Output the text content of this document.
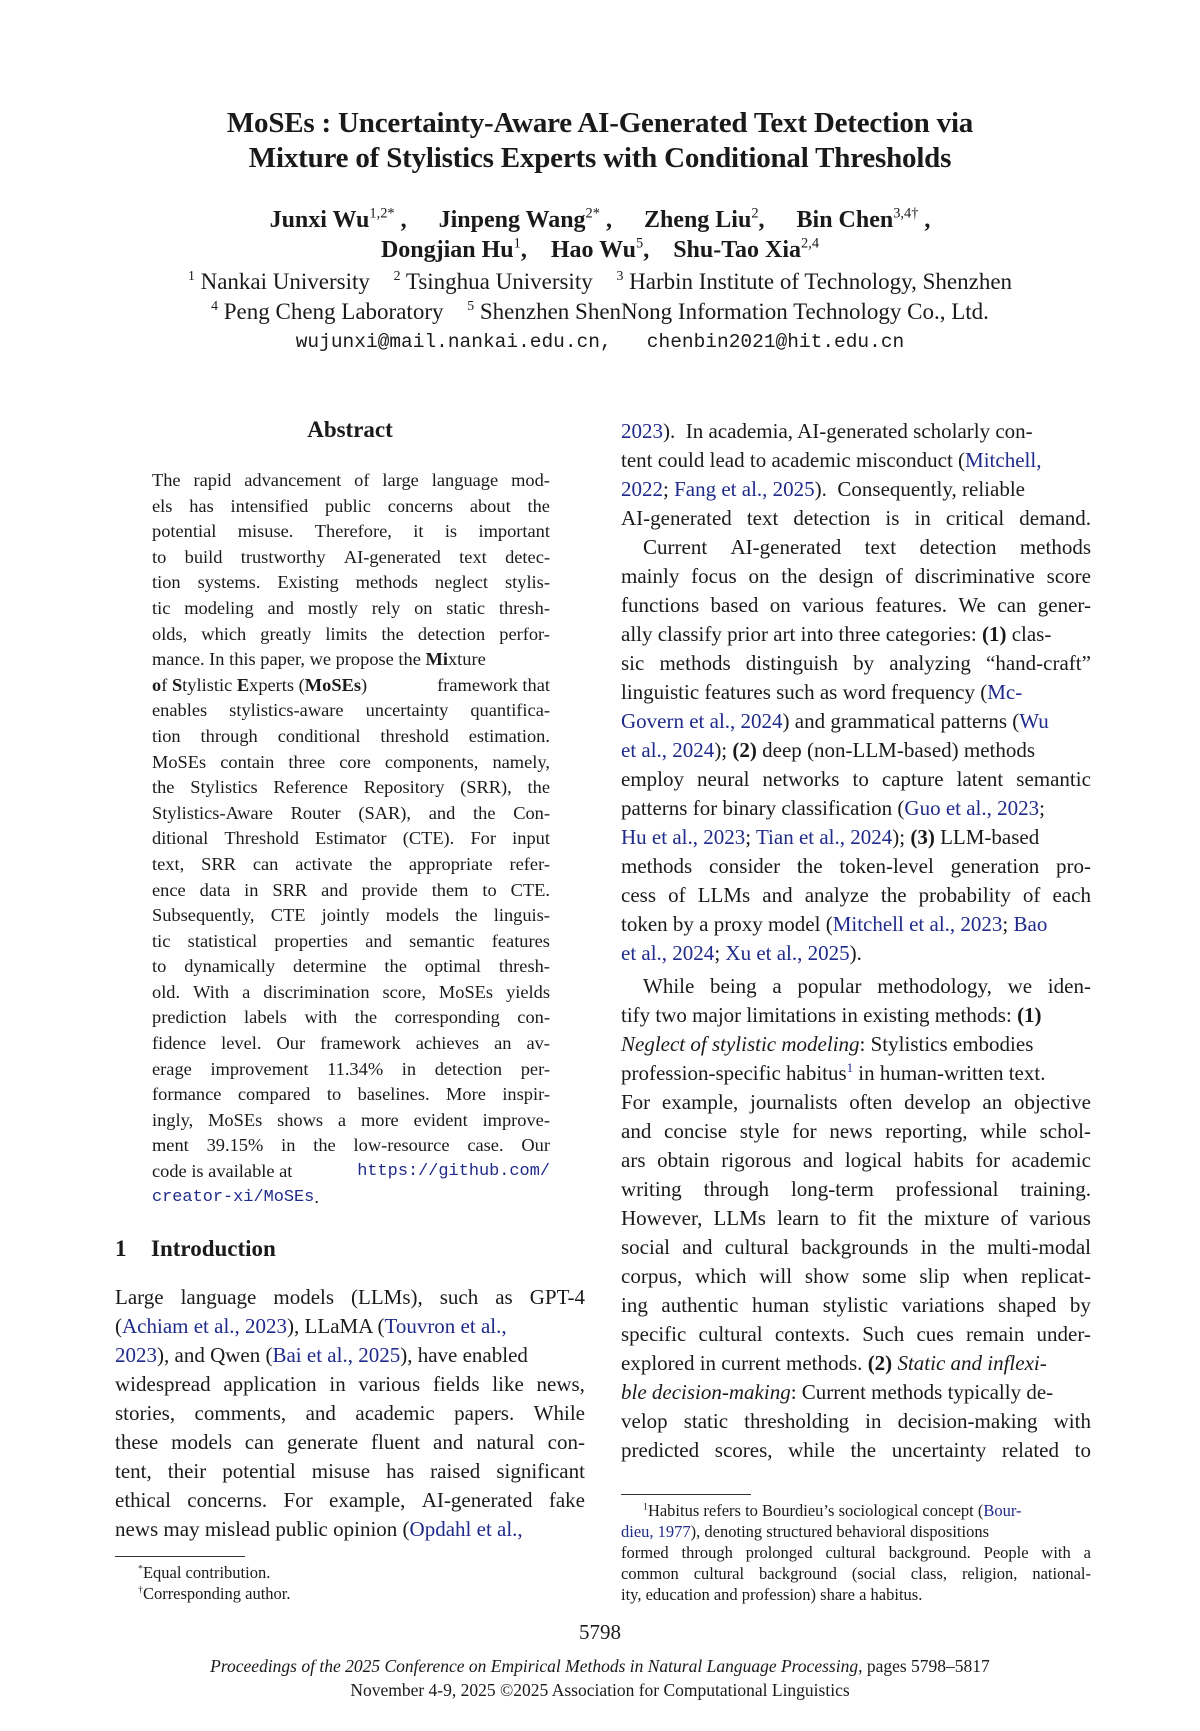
MoSEs : Uncertainty-Aware AI-Generated Text Detection via
Mixture of Stylistics Experts with Conditional Thresholds
Junxi $Wu^{1,2*}$ , Jinpeng Wang$^{2*}$ , Zheng Liu$^2$, Bin Chen$^{3,4\dagger}$ ,
Dongjian Hu$^1$, Hao Wu$^5$, Shu-Tao Xia$^{2,4}$
$^1$ Nankai University $^2$ Tsinghua University $^3$ Harbin Institute of Technology, Shenzhen
$^4$ Peng Cheng Laboratory $^5$ Shenzhen ShenNong Information Technology Co., Ltd.
wujunxi@mail.nankai.edu.cn, chenbin2021@hit.edu.cn
Abstract
The rapid advancement of large language mod-
els has intensified public concerns about the
potential misuse. Therefore, it is important
to build trustworthy AI-generated text detec-
tion systems. Existing methods neglect stylis-
tic modeling and mostly rely on static thresh-
olds, which greatly limits the detection perfor-
mance. In this paper, we propose the Mixture
of Stylistic Experts (MoSEs)	framework that
enables stylistics-aware uncertainty quantifica-
tion through conditional threshold estimation.
MoSEs contain three core components, namely,
the Stylistics Reference Repository (SRR), the
Stylistics-Aware Router (SAR), and the Con-
ditional Threshold Estimator (CTE). For input
text, SRR can activate the appropriate refer-
ence data in SRR and provide them to CTE.
Subsequently, CTE jointly models the linguis-
tic statistical properties and semantic features
to dynamically determine the optimal thresh-
old. With a discrimination score, MoSEs yields
prediction labels with the corresponding con-
fidence level. Our framework achieves an av-
erage improvement 11.34% in detection per-
formance compared to baselines. More inspir-
ingly, MoSEs shows a more evident improve-
ment 39.15% in the low-resource case. Our
code is available at	https://github.com/
creator-xi/MoSEs .
1 Introduction
Large language models (LLMs), such as GPT-4
(Achiam et al., 2023), LLaMA (Touvron et al.,
2023), and Qwen (Bai et al., 2025), have enabled
widespread application in various fields like news,
stories, comments, and academic papers. While
these models can generate fluent and natural con-
tent, their potential misuse has raised significant
ethical concerns. For example, AI-generated fake
news may mislead public opinion (Opdahl et al.,
*Equal contribution.
†Corresponding author.
2023).  In academia, AI-generated scholarly con-
tent could lead to academic misconduct (Mitchell,
2022; Fang et al., 2025).  Consequently, reliable
AI-generated text detection is in critical demand.
Current AI-generated text detection methods
mainly focus on the design of discriminative score
functions based on various features. We can gener-
ally classify prior art into three categories: (1) clas-
sic methods distinguish by analyzing “hand-craft”
linguistic features such as word frequency (Mc-
Govern et al., 2024) and grammatical patterns (Wu
et al., 2024); (2) deep (non-LLM-based) methods
employ neural networks to capture latent semantic
patterns for binary classification (Guo et al., 2023;
Hu et al., 2023; Tian et al., 2024); (3) LLM-based
methods consider the token-level generation pro-
cess of LLMs and analyze the probability of each
token by a proxy model (Mitchell et al., 2023; Bao
et al., 2024; Xu et al., 2025).
While being a popular methodology, we iden-
tify two major limitations in existing methods: (1)
Neglect of stylistic modeling: Stylistics embodies
profession-specific habitus$^1$ in human-written text.
For example, journalists often develop an objective
and concise style for news reporting, while schol-
ars obtain rigorous and logical habits for academic
writing through long-term professional training.
However, LLMs learn to fit the mixture of various
social and cultural backgrounds in the multi-modal
corpus, which will show some slip when replicat-
ing authentic human stylistic variations shaped by
specific cultural contexts. Such cues remain under-
explored in current methods. (2) Static and inflexi-
ble decision-making: Current methods typically de-
velop static thresholding in decision-making with
predicted scores, while the uncertainty related to
$^1$Habitus refers to Bourdieu’s sociological concept (Bour-
dieu, 1977), denoting structured behavioral dispositions
formed through prolonged cultural background. People with a
common cultural background (social class, religion, national-
ity, education and profession) share a habitus.
5798
Proceedings of the 2025 Conference on Empirical Methods in Natural Language Processing, pages 5798–5817
November 4-9, 2025 ©2025 Association for Computational Linguistics
